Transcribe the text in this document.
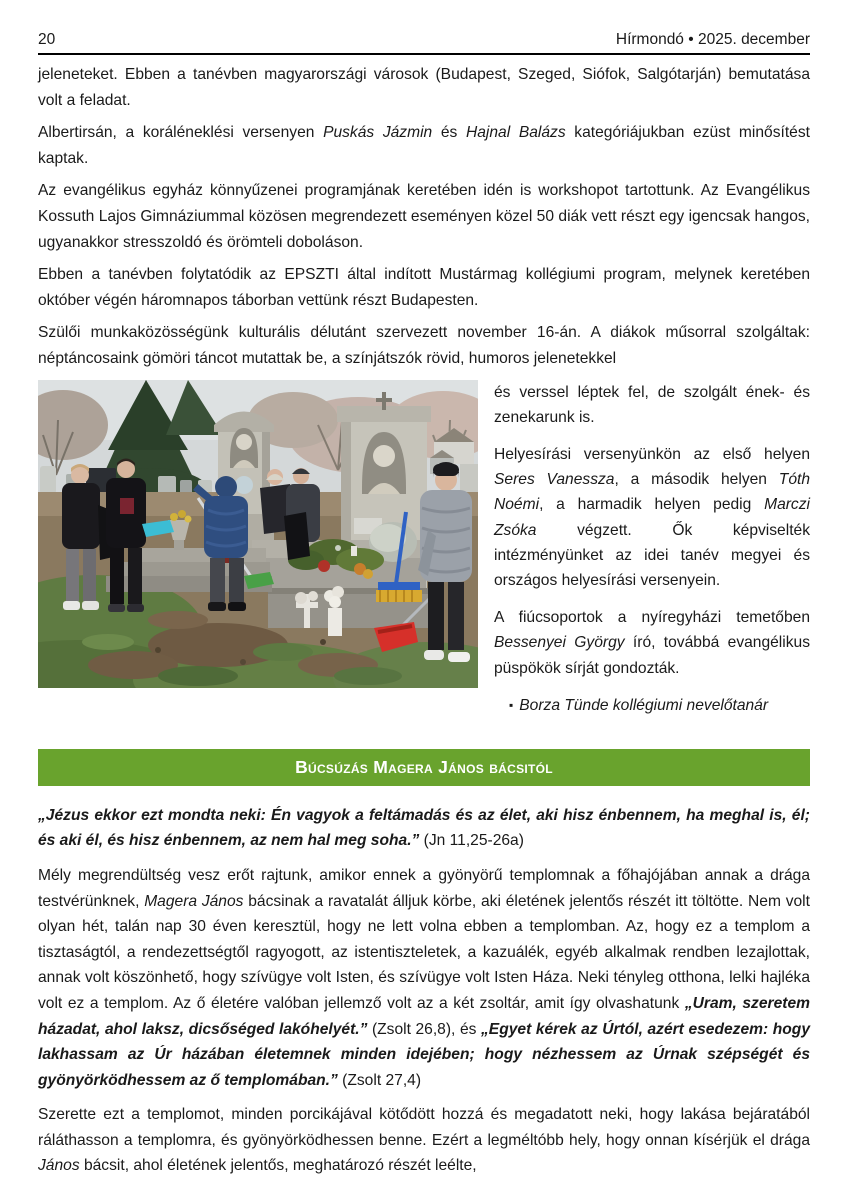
20	Hírmondó • 2025. december

jeleneteket. Ebben a tanévben magyarországi városok (Budapest, Szeged, Siófok, Salgótarján) bemutatása volt a feladat.

Albertirsán, a koráléneklési versenyen Puskás Jázmin és Hajnal Balázs kategóriájukban ezüst minősítést kaptak.

Az evangélikus egyház könnyűzenei programjának keretében idén is workshopot tartottunk. Az Evangélikus Kossuth Lajos Gimnáziummal közösen megrendezett eseményen közel 50 diák vett részt egy igencsak hangos, ugyanakkor stresszoldó és örömteli doboláson.

Ebben a tanévben folytatódik az EPSZTI által indított Mustármag kollégiumi program, melynek keretében október végén háromnapos táborban vettünk részt Budapesten.

Szülői munkaközösségünk kulturális délutánt szervezett november 16-án. A diákok műsorral szolgáltak: néptáncosaink gömöri táncot mutattak be, a színjátszók rövid, humoros jelenetekkel

és verssel léptek fel, de szolgált ének- és zenekarunk is.

Helyesírási versenyünkön az első helyen Seres Vanessza, a második helyen Tóth Noémi, a harmadik helyen pedig Marczi Zsóka végzett. Ők képviselték intézményünket az idei tanév megyei és országos helyesírási versenyein.

A fiúcsoportok a nyíregyházi temetőben Bessenyei György író, továbbá evangélikus püspökök sírját gondozták.

▪ Borza Tünde kollégiumi nevelőtanár

Búcsúzás Magera János bácsitól

„Jézus ekkor ezt mondta neki: Én vagyok a feltámadás és az élet, aki hisz énbennem, ha meghal is, él; és aki él, és hisz énbennem, az nem hal meg soha.” (Jn 11,25-26a)

Mély megrendültség vesz erőt rajtunk, amikor ennek a gyönyörű templomnak a főhajójában annak a drága testvérünknek, Magera János bácsinak a ravatalát álljuk körbe, aki életének jelentős részét itt töltötte. Nem volt olyan hét, talán nap 30 éven keresztül, hogy ne lett volna ebben a templomban. Az, hogy ez a templom a tisztaságtól, a rendezettségtől ragyogott, az istentiszteletek, a kazuálék, egyéb alkalmak rendben lezajlottak, annak volt köszönhető, hogy szívügye volt Isten, és szívügye volt Isten Háza. Neki tényleg otthona, lelki hajléka volt ez a templom. Az ő életére valóban jellemző volt az a két zsoltár, amit így olvashatunk „Uram, szeretem házadat, ahol laksz, dicsőséged lakóhelyét.” (Zsolt 26,8), és „Egyet kérek az Úrtól, azért esedezem: hogy lakhassam az Úr házában életemnek minden idejében; hogy nézhessem az Úrnak szépségét és gyönyörködhessem az ő templomában.” (Zsolt 27,4)

Szerette ezt a templomot, minden porcikájával kötődött hozzá és megadatott neki, hogy lakása bejáratából ráláthasson a templomra, és gyönyörködhessen benne. Ezért a legméltóbb hely, hogy onnan kísérjük el drága János bácsit, ahol életének jelentős, meghatározó részét leélte,
